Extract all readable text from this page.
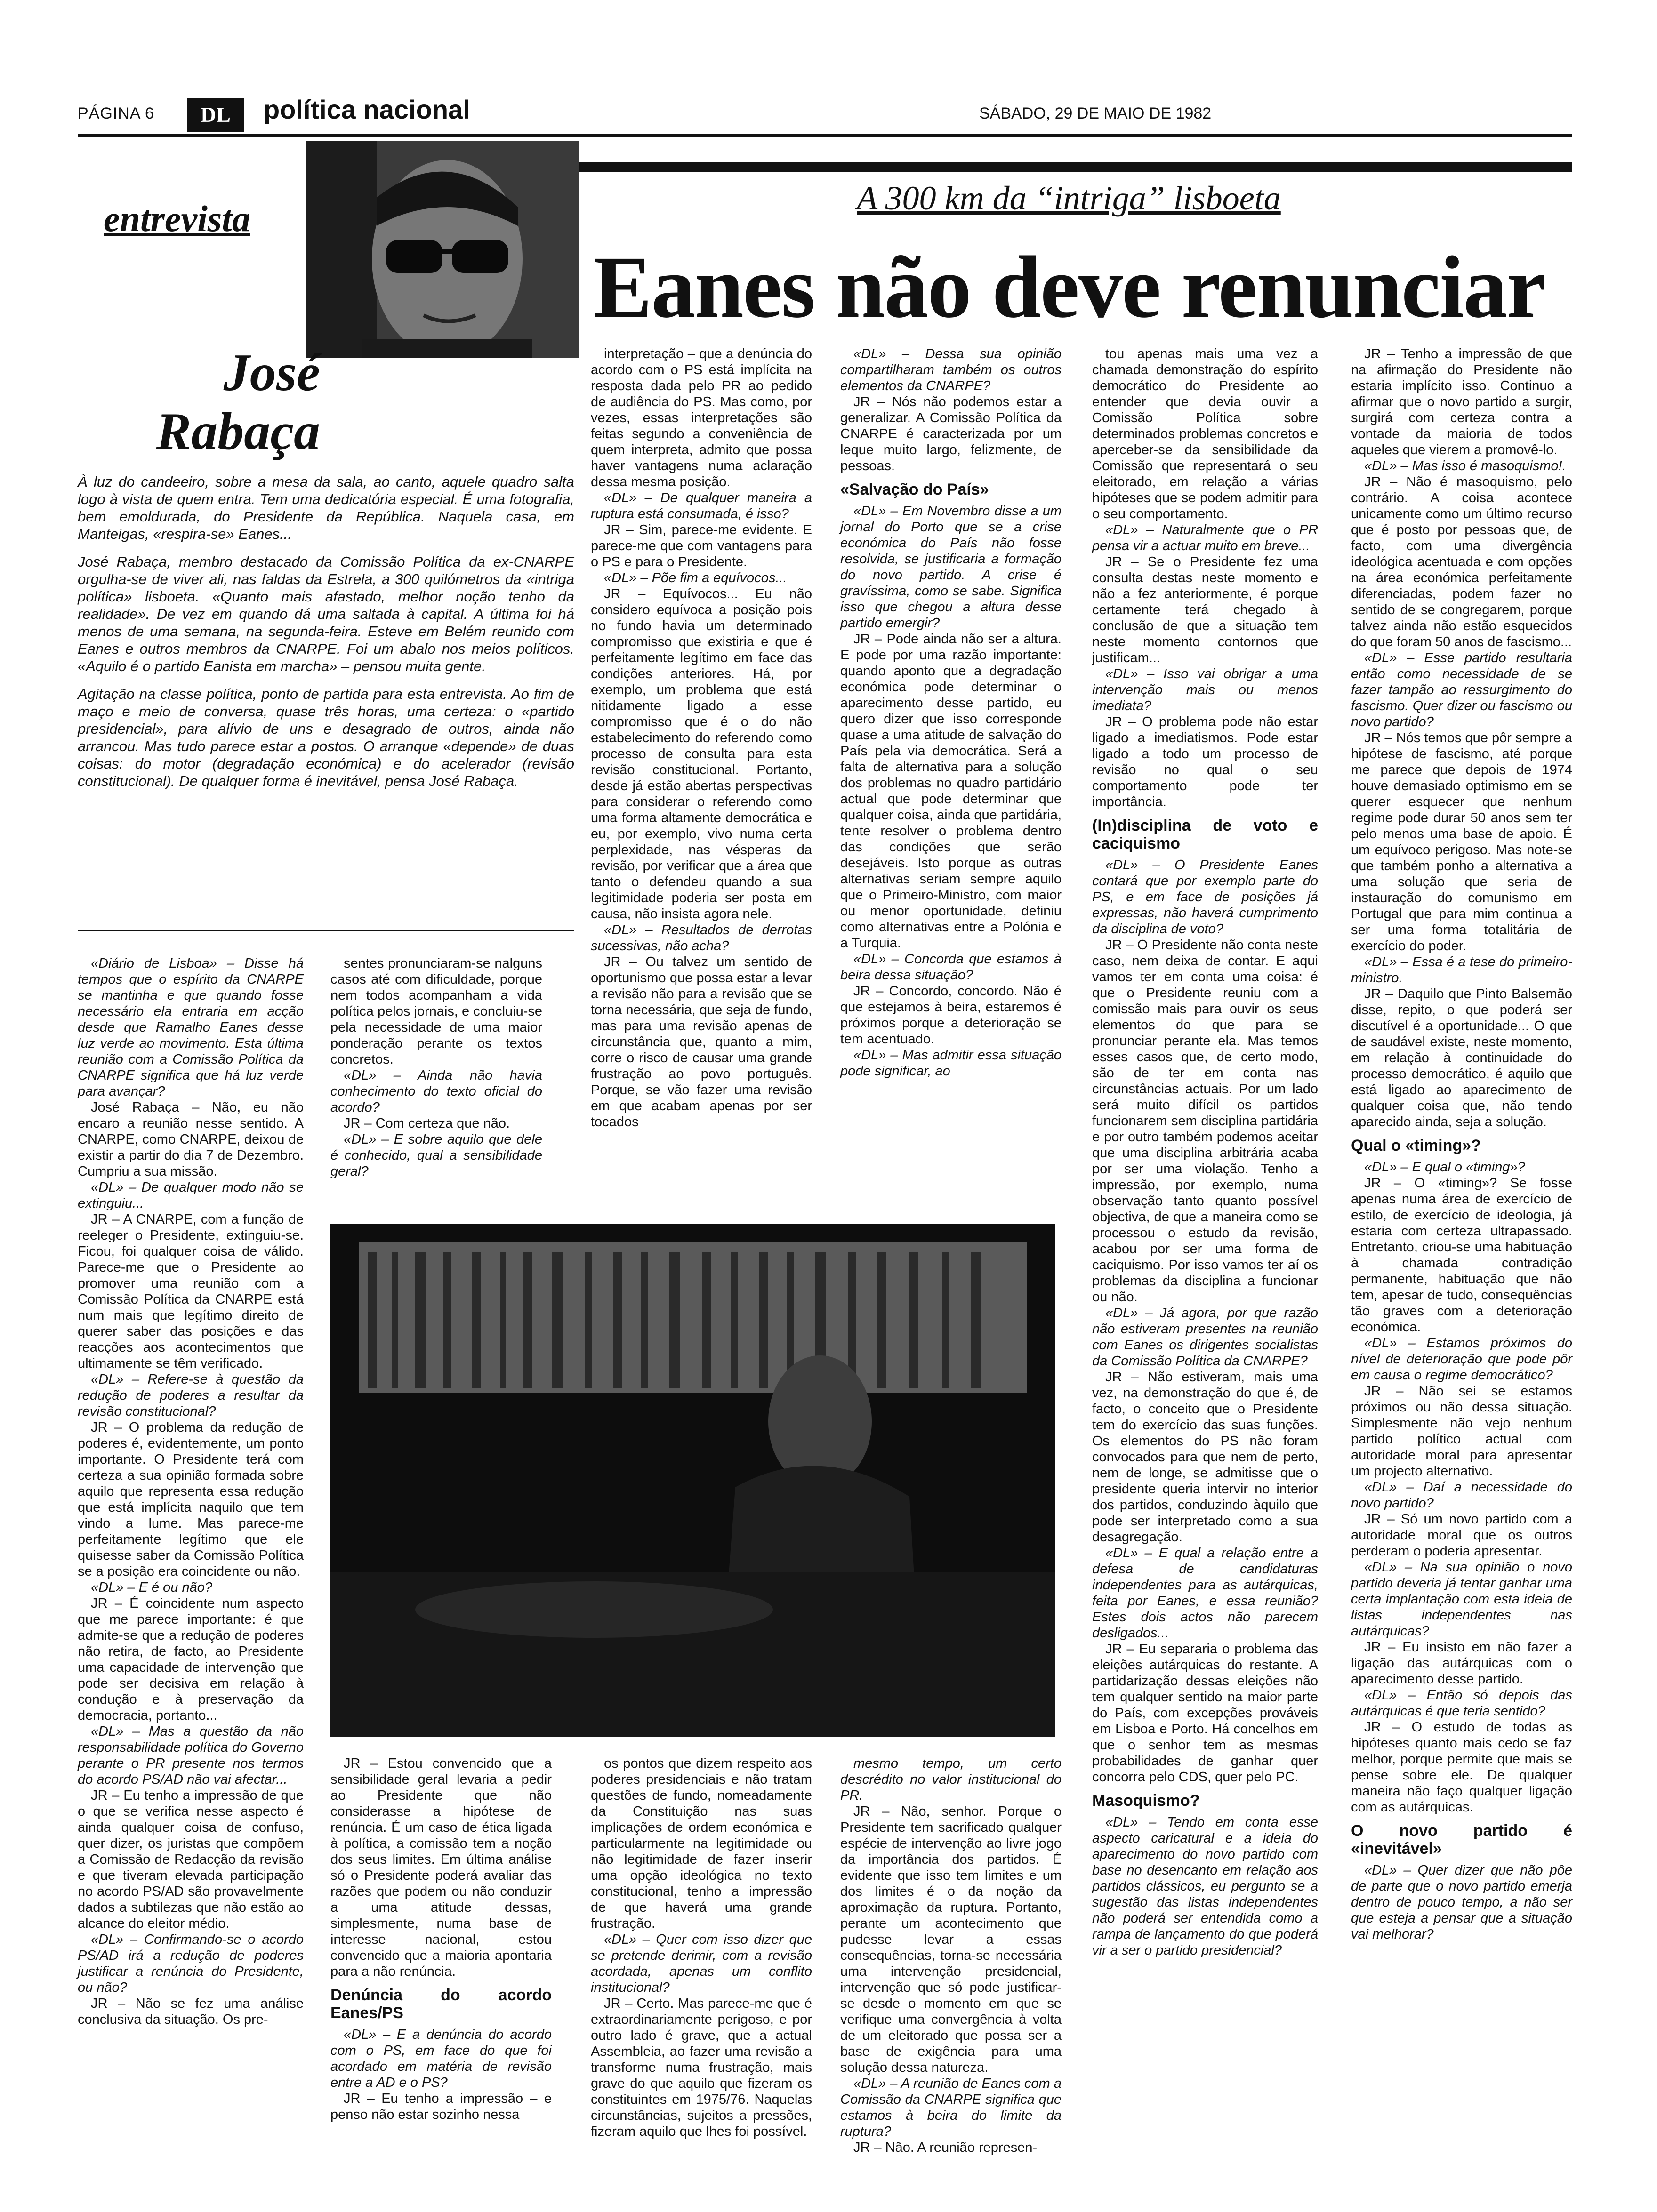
PÁGINA 6	DL	política nacional	SÁBADO, 29 DE MAIO DE 1982
entrevista
José
Rabaça

À luz do candeeiro, sobre a mesa da sala, ao canto, aquele quadro salta logo à vista de quem entra. Tem uma dedicatória especial. É uma fotografia, bem emoldurada, do Presidente da República. Naquela casa, em Manteigas, «respira-se» Eanes...

José Rabaça, membro destacado da Comissão Política da ex-CNARPE orgulha-se de viver ali, nas faldas da Estrela, a 300 quilómetros da «intriga política» lisboeta. «Quanto mais afastado, melhor noção tenho da realidade». De vez em quando dá uma saltada à capital. A última foi há menos de uma semana, na segunda-feira. Esteve em Belém reunido com Eanes e outros membros da CNARPE. Foi um abalo nos meios políticos. «Aquilo é o partido Eanista em marcha» – pensou muita gente.

Agitação na classe política, ponto de partida para esta entrevista. Ao fim de maço e meio de conversa, quase três horas, uma certeza: o «partido presidencial», para alívio de uns e desagrado de outros, ainda não arrancou. Mas tudo parece estar a postos. O arranque «depende» de duas coisas: do motor (degradação económica) e do acelerador (revisão constitucional). De qualquer forma é inevitável, pensa José Rabaça.

A 300 km da “intriga” lisboeta
Eanes não deve renunciar

«Diário de Lisboa» – Disse há tempos que o espírito da CNARPE se mantinha e que quando fosse necessário ela entraria em acção desde que Ramalho Eanes desse luz verde ao movimento. Esta última reunião com a Comissão Política da CNARPE significa que há luz verde para avançar?

José Rabaça – Não, eu não encaro a reunião nesse sentido. A CNARPE, como CNARPE, deixou de existir a partir do dia 7 de Dezembro. Cumpriu a sua missão.

«DL» – De qualquer modo não se extinguiu...

JR – A CNARPE, com a função de reeleger o Presidente, extinguiu-se. Ficou, foi qualquer coisa de válido. Parece-me que o Presidente ao promover uma reunião com a Comissão Política da CNARPE está num mais que legítimo direito de querer saber das posições e das reacções aos acontecimentos que ultimamente se têm verificado.

«DL» – Refere-se à questão da redução de poderes a resultar da revisão constitucional?

JR – O problema da redução de poderes é, evidentemente, um ponto importante. O Presidente terá com certeza a sua opinião formada sobre aquilo que representa essa redução que está implícita naquilo que tem vindo a lume. Mas parece-me perfeitamente legítimo que ele quisesse saber da Comissão Política se a posição era coincidente ou não.

«DL» – E é ou não?

JR – É coincidente num aspecto que me parece importante: é que admite-se que a redução de poderes não retira, de facto, ao Presidente uma capacidade de intervenção que pode ser decisiva em relação à condução e à preservação da democracia, portanto...

«DL» – Mas a questão da não responsabilidade política do Governo perante o PR presente nos termos do acordo PS/AD não vai afectar...

JR – Eu tenho a impressão de que o que se verifica nesse aspecto é ainda qualquer coisa de confuso, quer dizer, os juristas que compõem a Comissão de Redacção da revisão e que tiveram elevada participação no acordo PS/AD são provavelmente dados a subtilezas que não estão ao alcance do eleitor médio.

«DL» – Confirmando-se o acordo PS/AD irá a redução de poderes justificar a renúncia do Presidente, ou não?

JR – Não se fez uma análise conclusiva da situação. Os pre-

sentes pronunciaram-se nalguns casos até com dificuldade, porque nem todos acompanham a vida política pelos jornais, e concluiu-se pela necessidade de uma maior ponderação perante os textos concretos.

«DL» – Ainda não havia conhecimento do texto oficial do acordo?

JR – Com certeza que não.

«DL» – E sobre aquilo que dele é conhecido, qual a sensibilidade geral?

interpretação – que a denúncia do acordo com o PS está implícita na resposta dada pelo PR ao pedido de audiência do PS. Mas como, por vezes, essas interpretações são feitas segundo a conveniência de quem interpreta, admito que possa haver vantagens numa aclaração dessa mesma posição.

«DL» – De qualquer maneira a ruptura está consumada, é isso?

JR – Sim, parece-me evidente. E parece-me que com vantagens para o PS e para o Presidente.

«DL» – Põe fim a equívocos...

JR – Equívocos... Eu não considero equívoca a posição pois no fundo havia um determinado compromisso que existiria e que é perfeitamente legítimo em face das condições anteriores. Há, por exemplo, um problema que está nitidamente ligado a esse compromisso que é o do não estabelecimento do referendo como processo de consulta para esta revisão constitucional. Portanto, desde já estão abertas perspectivas para considerar o referendo como uma forma altamente democrática e eu, por exemplo, vivo numa certa perplexidade, nas vésperas da revisão, por verificar que a área que tanto o defendeu quando a sua legitimidade poderia ser posta em causa, não insista agora nele.

«DL» – Resultados de derrotas sucessivas, não acha?

JR – Ou talvez um sentido de oportunismo que possa estar a levar a revisão não para a revisão que se torna necessária, que seja de fundo, mas para uma revisão apenas de circunstância que, quanto a mim, corre o risco de causar uma grande frustração ao povo português. Porque, se vão fazer uma revisão em que acabam apenas por ser tocados

«DL» – Dessa sua opinião compartilharam também os outros elementos da CNARPE?

JR – Nós não podemos estar a generalizar. A Comissão Política da CNARPE é caracterizada por um leque muito largo, felizmente, de pessoas.

«Salvação do País»

«DL» – Em Novembro disse a um jornal do Porto que se a crise económica do País não fosse resolvida, se justificaria a formação do novo partido. A crise é gravíssima, como se sabe. Significa isso que chegou a altura desse partido emergir?

JR – Pode ainda não ser a altura. E pode por uma razão importante: quando aponto que a degradação económica pode determinar o aparecimento desse partido, eu quero dizer que isso corresponde quase a uma atitude de salvação do País pela via democrática. Será a falta de alternativa para a solução dos problemas no quadro partidário actual que pode determinar que qualquer coisa, ainda que partidária, tente resolver o problema dentro das condições que serão desejáveis. Isto porque as outras alternativas seriam sempre aquilo que o Primeiro-Ministro, com maior ou menor oportunidade, definiu como alternativas entre a Polónia e a Turquia.

«DL» – Concorda que estamos à beira dessa situação?

JR – Concordo, concordo. Não é que estejamos à beira, estaremos é próximos porque a deterioração se tem acentuado.

«DL» – Mas admitir essa situação pode significar, ao

tou apenas mais uma vez a chamada demonstração do espírito democrático do Presidente ao entender que devia ouvir a Comissão Política sobre determinados problemas concretos e aperceber-se da sensibilidade da Comissão que representará o seu eleitorado, em relação a várias hipóteses que se podem admitir para o seu comportamento.

«DL» – Naturalmente que o PR pensa vir a actuar muito em breve...

JR – Se o Presidente fez uma consulta destas neste momento e não a fez anteriormente, é porque certamente terá chegado à conclusão de que a situação tem neste momento contornos que justificam...

«DL» – Isso vai obrigar a uma intervenção mais ou menos imediata?

JR – O problema pode não estar ligado a imediatismos. Pode estar ligado a todo um processo de revisão no qual o seu comportamento pode ter importância.

(In)disciplina de voto e caciquismo

«DL» – O Presidente Eanes contará que por exemplo parte do PS, e em face de posições já expressas, não haverá cumprimento da disciplina de voto?

JR – O Presidente não conta neste caso, nem deixa de contar. E aqui vamos ter em conta uma coisa: é que o Presidente reuniu com a comissão mais para ouvir os seus elementos do que para se pronunciar perante ela. Mas temos esses casos que, de certo modo, são de ter em conta nas circunstâncias actuais. Por um lado será muito difícil os partidos funcionarem sem disciplina partidária e por outro também podemos aceitar que uma disciplina arbitrária acaba por ser uma violação. Tenho a impressão, por exemplo, numa observação tanto quanto possível objectiva, de que a maneira como se processou o estudo da revisão, acabou por ser uma forma de caciquismo. Por isso vamos ter aí os problemas da disciplina a funcionar ou não.

«DL» – Já agora, por que razão não estiveram presentes na reunião com Eanes os dirigentes socialistas da Comissão Política da CNARPE?

JR – Não estiveram, mais uma vez, na demonstração do que é, de facto, o conceito que o Presidente tem do exercício das suas funções. Os elementos do PS não foram convocados para que nem de perto, nem de longe, se admitisse que o presidente queria intervir no interior dos partidos, conduzindo àquilo que pode ser interpretado como a sua desagregação.

«DL» – E qual a relação entre a defesa de candidaturas independentes para as autárquicas, feita por Eanes, e essa reunião? Estes dois actos não parecem desligados...

JR – Eu separaria o problema das eleições autárquicas do restante. A partidarização dessas eleições não tem qualquer sentido na maior parte do País, com excepções prováveis em Lisboa e Porto. Há concelhos em que o senhor tem as mesmas probabilidades de ganhar quer concorra pelo CDS, quer pelo PC.

Masoquismo?

«DL» – Tendo em conta esse aspecto caricatural e a ideia do aparecimento do novo partido com base no desencanto em relação aos partidos clássicos, eu pergunto se a sugestão das listas independentes não poderá ser entendida como a rampa de lançamento do que poderá vir a ser o partido presidencial?

JR – Tenho a impressão de que na afirmação do Presidente não estaria implícito isso. Continuo a afirmar que o novo partido a surgir, surgirá com certeza contra a vontade da maioria de todos aqueles que vierem a promovê-lo.

«DL» – Mas isso é masoquismo!.

JR – Não é masoquismo, pelo contrário. A coisa acontece unicamente como um último recurso que é posto por pessoas que, de facto, com uma divergência ideológica acentuada e com opções na área económica perfeitamente diferenciadas, podem fazer no sentido de se congregarem, porque talvez ainda não estão esquecidos do que foram 50 anos de fascismo...

«DL» – Esse partido resultaria então como necessidade de se fazer tampão ao ressurgimento do fascismo. Quer dizer ou fascismo ou novo partido?

JR – Nós temos que pôr sempre a hipótese de fascismo, até porque me parece que depois de 1974 houve demasiado optimismo em se querer esquecer que nenhum regime pode durar 50 anos sem ter pelo menos uma base de apoio. É um equívoco perigoso. Mas note-se que também ponho a alternativa a uma solução que seria de instauração do comunismo em Portugal que para mim continua a ser uma forma totalitária de exercício do poder.

«DL» – Essa é a tese do primeiro-ministro.

JR – Daquilo que Pinto Balsemão disse, repito, o que poderá ser discutível é a oportunidade... O que de saudável existe, neste momento, em relação à continuidade do processo democrático, é aquilo que está ligado ao aparecimento de qualquer coisa que, não tendo aparecido ainda, seja a solução.

Qual o «timing»?

«DL» – E qual o «timing»?

JR – O «timing»? Se fosse apenas numa área de exercício de estilo, de exercício de ideologia, já estaria com certeza ultrapassado. Entretanto, criou-se uma habituação à chamada contradição permanente, habituação que não tem, apesar de tudo, consequências tão graves com a deterioração económica.

«DL» – Estamos próximos do nível de deterioração que pode pôr em causa o regime democrático?

JR – Não sei se estamos próximos ou não dessa situação. Simplesmente não vejo nenhum partido político actual com autoridade moral para apresentar um projecto alternativo.

«DL» – Daí a necessidade do novo partido?

JR – Só um novo partido com a autoridade moral que os outros perderam o poderia apresentar.

«DL» – Na sua opinião o novo partido deveria já tentar ganhar uma certa implantação com esta ideia de listas independentes nas autárquicas?

JR – Eu insisto em não fazer a ligação das autárquicas com o aparecimento desse partido.

«DL» – Então só depois das autárquicas é que teria sentido?

JR – O estudo de todas as hipóteses quanto mais cedo se faz melhor, porque permite que mais se pense sobre ele. De qualquer maneira não faço qualquer ligação com as autárquicas.

O novo partido é «inevitável»

«DL» – Quer dizer que não pôe de parte que o novo partido emerja dentro de pouco tempo, a não ser que esteja a pensar que a situação vai melhorar?

JR – Estou convencido que a sensibilidade geral levaria a pedir ao Presidente que não considerasse a hipótese de renúncia. É um caso de ética ligada à política, a comissão tem a noção dos seus limites. Em última análise só o Presidente poderá avaliar das razões que podem ou não conduzir a uma atitude dessas, simplesmente, numa base de interesse nacional, estou convencido que a maioria apontaria para a não renúncia.

Denúncia do acordo Eanes/PS

«DL» – E a denúncia do acordo com o PS, em face do que foi acordado em matéria de revisão entre a AD e o PS?

JR – Eu tenho a impressão – e penso não estar sozinho nessa

os pontos que dizem respeito aos poderes presidenciais e não tratam questões de fundo, nomeadamente da Constituição nas suas implicações de ordem económica e particularmente na legitimidade ou não legitimidade de fazer inserir uma opção ideológica no texto constitucional, tenho a impressão de que haverá uma grande frustração.

«DL» – Quer com isso dizer que se pretende derimir, com a revisão acordada, apenas um conflito institucional?

JR – Certo. Mas parece-me que é extraordinariamente perigoso, e por outro lado é grave, que a actual Assembleia, ao fazer uma revisão a transforme numa frustração, mais grave do que aquilo que fizeram os constituintes em 1975/76. Naquelas circunstâncias, sujeitos a pressões, fizeram aquilo que lhes foi possível.

mesmo tempo, um certo descrédito no valor institucional do PR.

JR – Não, senhor. Porque o Presidente tem sacrificado qualquer espécie de intervenção ao livre jogo da importância dos partidos. É evidente que isso tem limites e um dos limites é o da noção da aproximação da ruptura. Portanto, perante um acontecimento que pudesse levar a essas consequências, torna-se necessária uma intervenção presidencial, intervenção que só pode justificar-se desde o momento em que se verifique uma convergência à volta de um eleitorado que possa ser a base de exigência para uma solução dessa natureza.

«DL» – A reunião de Eanes com a Comissão da CNARPE significa que estamos à beira do limite da ruptura?

JR – Não. A reunião represen-
